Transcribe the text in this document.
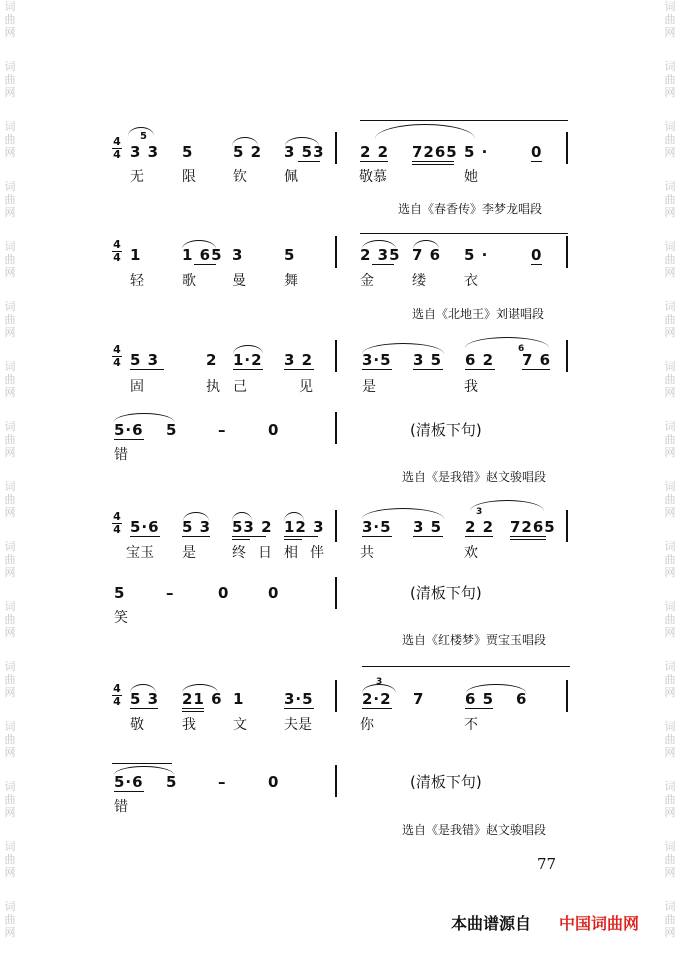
词
曲
网
词
曲
网
词
曲
网
词
曲
网
词
曲
网
词
曲
网
词
曲
网
词
曲
网
词
曲
网
词
曲
网
词
曲
网
词
曲
网
词
曲
网
词
曲
网
词
曲
网
词
曲
网
词
曲
网
词
曲
网
词
曲
网
词
曲
网
词
曲
网
词
曲
网
词
曲
网
词
曲
网
词
曲
网
词
曲
网
词
曲
网
词
曲
网
词
曲
网
词
曲
网
词
曲
网
词
曲
网
4
4
5
3 3 5	5 2 3 53 2 2 7265 5 ·	0
无	限	钦	佩	敬慕	她
选自《春香传》李梦龙唱段
4
4 1	1 65 3	5	2 35 7 6 5 ·	0
轻	歌	曼	舞	金	缕	衣
选自《北地王》刘谌唱段
4
4 5 3	2 1·2 3 2	3·5 3 5 6 2
6
7 6
固	执 己	见	是	我
5·6 5	–	0	(清板下句)
错
选自《是我错》赵文骏唱段
4
4 5·6 5 3 53 2 12 3 3·5 3 5
3
2 2 7265
宝玉 是	终 日 相 伴	共	欢
5	–	0	0	(清板下句)
笑
选自《红楼梦》贾宝玉唱段
4
4 5 3 21 6 1	3·5
3
2·2 7	6 5 6
敬	我	文	夫是	你	不
5·6 5	–	0	(清板下句)
错
选自《是我错》赵文骏唱段
77
本曲谱源自 中国词曲网
